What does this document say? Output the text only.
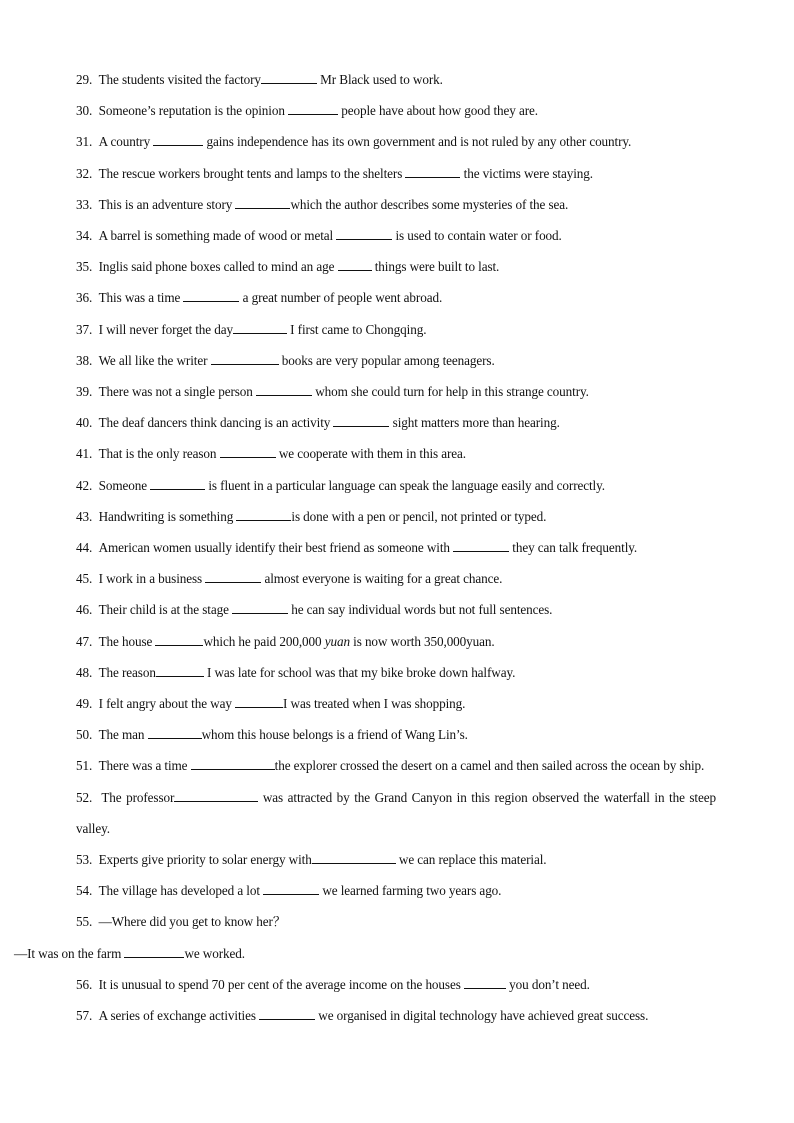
29. The students visited the factory	Mr Black used to work.
30. Someone’s reputation is the opinion	people have about how good they are.
31. A country	gains independence has its own government and is not ruled by any other country.
32. The rescue workers brought tents and lamps to the shelters	the victims were staying.
33. This is an adventure story	which the author describes some mysteries of the sea.
34. A barrel is something made of wood or metal	is used to contain water or food.
35. Inglis said phone boxes called to mind an age	things were built to last.
36. This was a time	a great number of people went abroad.
37. I will never forget the day	I first came to Chongqing.
38. We all like the writer	books are very popular among teenagers.
39. There was not a single person	whom she could turn for help in this strange country.
40. The deaf dancers think dancing is an activity	sight matters more than hearing.
41. That is the only reason	we cooperate with them in this area.
42. Someone	is fluent in a particular language can speak the language easily and correctly.
43. Handwriting is something	is done with a pen or pencil, not printed or typed.
44. American women usually identify their best friend as someone with	they can talk frequently.
45. I work in a business	almost everyone is waiting for a great chance.
46. Their child is at the stage	he can say individual words but not full sentences.
47. The house	which he paid 200,000 yuan is now worth 350,000yuan.
48. The reason	I was late for school was that my bike broke down halfway.
49. I felt angry about the way	I was treated when I was shopping.
50. The man	whom this house belongs is a friend of Wang Lin’s.
51. There was a time	the explorer crossed the desert on a camel and then sailed across the ocean by ship.
52. The professor	was attracted by the Grand Canyon in this region observed the waterfall in the steep valley.
53. Experts give priority to solar energy with	we can replace this material.
54. The village has developed a lot	we learned farming two years ago.
55. —Where did you get to know her？
—It was on the farm	we worked.
56. It is unusual to spend 70 per cent of the average income on the houses	you don’t need.
57. A series of exchange activities	we organised in digital technology have achieved great success.
